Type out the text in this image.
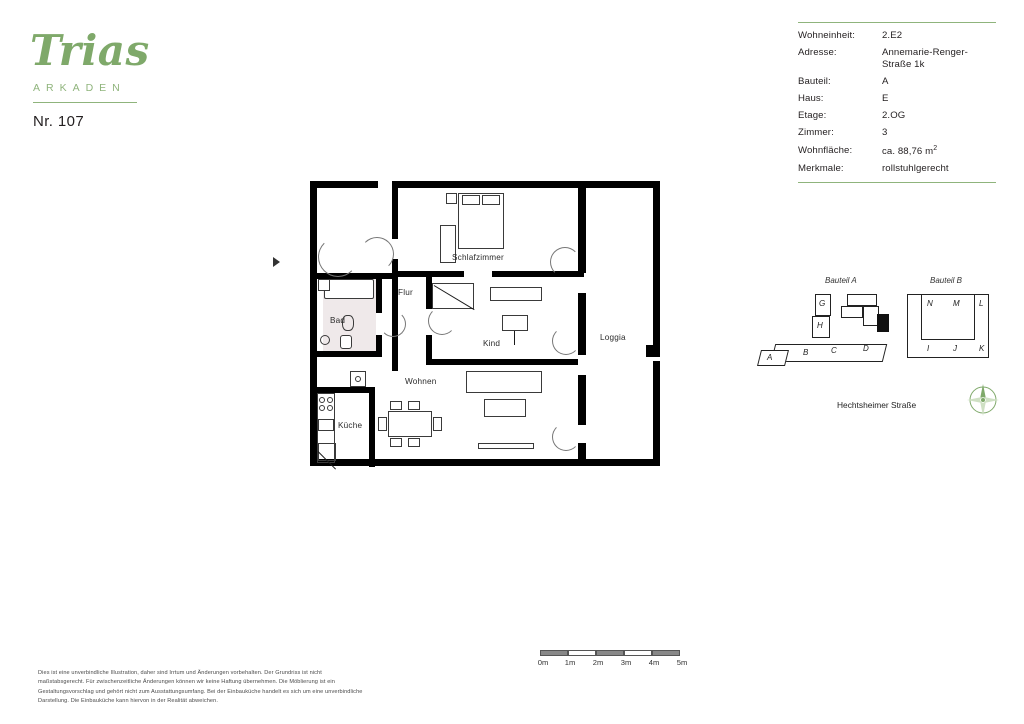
Trias
ARKADEN
Nr. 107
Wohneinheit:	2.E2
Adresse:	Annemarie-Renger-Straße 1k
Bauteil:	A
Haus:	E
Etage:	2.OG
Zimmer:	3
Wohnfläche:	ca. 88,76 $m^2$
Merkmale:	rollstuhlgerecht
Schlafzimmer
Flur
Bad
Kind
Loggia
Wohnen
Küche
Bauteil A	Bauteil B
G
H
A
B	C	D
N	M L
I	J	K
Hechtsheimer Straße
0m 1m 2m 3m 4m 5m
Dies ist eine unverbindliche Illustration, daher sind Irrtum und Änderungen vorbehalten. Der Grundriss ist nicht maßstabsgerecht. Für zwischenzeitliche Änderungen können wir keine Haftung übernehmen. Die Möblierung ist ein Gestaltungsvorschlag und gehört nicht zum Ausstattungsumfang. Bei der Einbauküche handelt es sich um eine unverbindliche Darstellung. Die Einbauküche kann hiervon in der Realität abweichen.
